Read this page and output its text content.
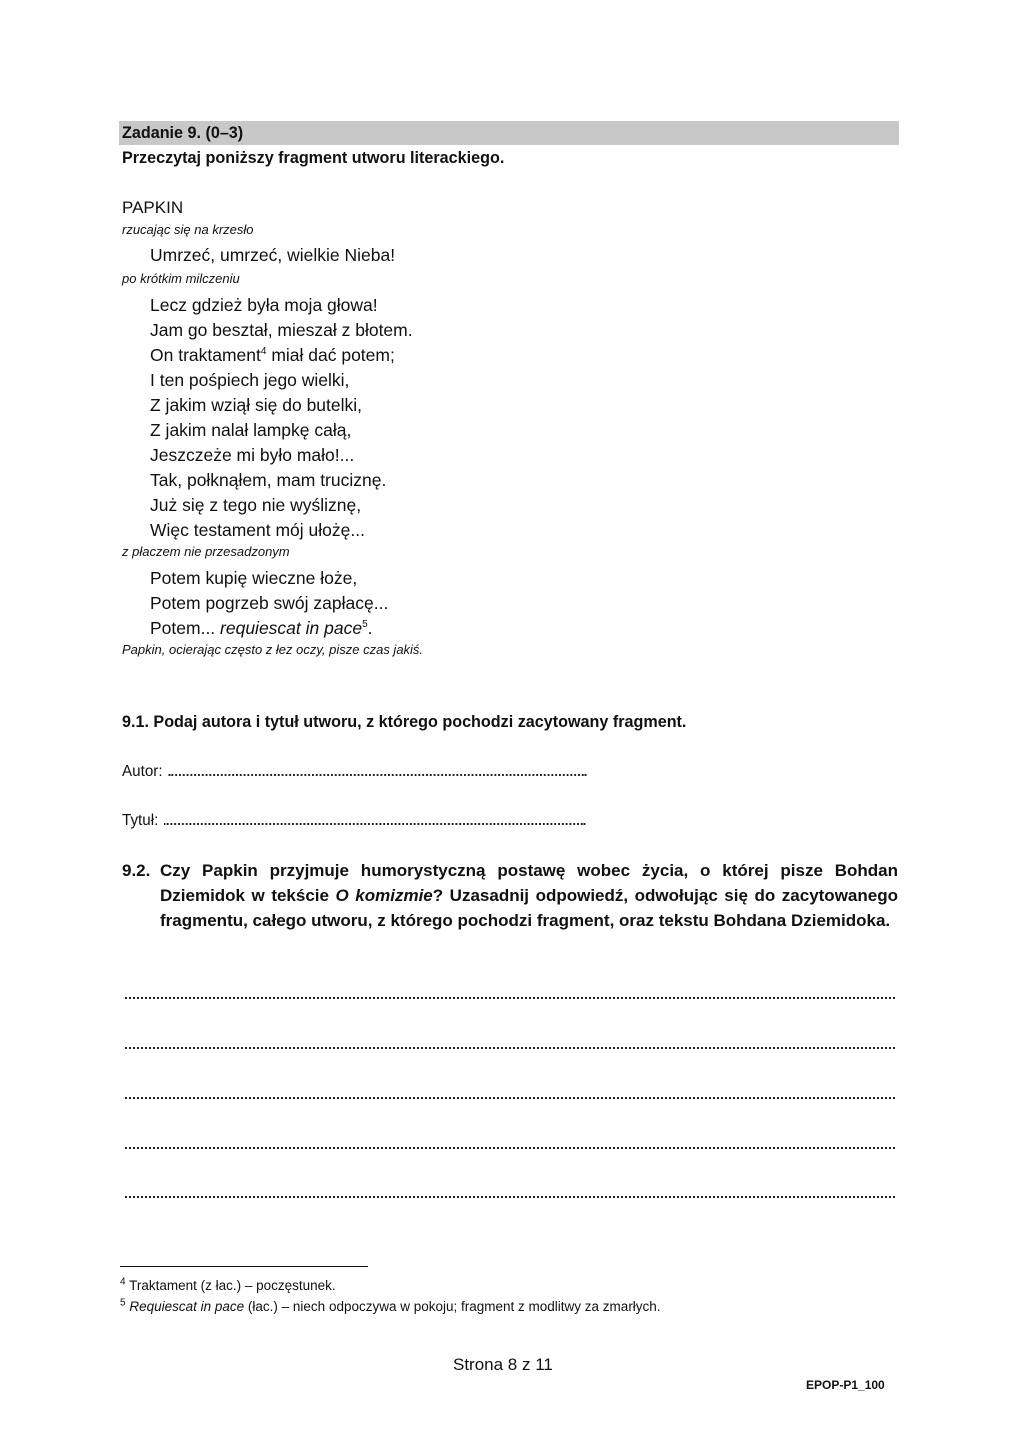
Zadanie 9. (0–3)
Przeczytaj poniższy fragment utworu literackiego.
PAPKIN
rzucając się na krzesło
Umrzeć, umrzeć, wielkie Nieba!
po krótkim milczeniu
Lecz gdzież była moja głowa!
Jam go beształ, mieszał z błotem.
On traktament$^4$ miał dać potem;
I ten pośpiech jego wielki,
Z jakim wziął się do butelki,
Z jakim nalał lampkę całą,
Jeszczeże mi było mało!...
Tak, połknąłem, mam truciznę.
Już się z tego nie wyśliznę,
Więc testament mój ułożę...
z płaczem nie przesadzonym
Potem kupię wieczne łoże,
Potem pogrzeb swój zapłacę...
Potem... requiescat in pace$^5$.
Papkin, ocierając często z łez oczy, pisze czas jakiś.
9.1. Podaj autora i tytuł utworu, z którego pochodzi zacytowany fragment.
Autor:
Tytuł:
9.2. Czy Papkin przyjmuje humorystyczną postawę wobec życia, o której pisze Bohdan Dziemidok w tekście O komizmie? Uzasadnij odpowiedź, odwołując się do zacytowanego fragmentu, całego utworu, z którego pochodzi fragment, oraz tekstu Bohdana Dziemidoka.
$^4$ Traktament (z łac.) – poczęstunek.
$^5$ Requiescat in pace (łac.) – niech odpoczywa w pokoju; fragment z modlitwy za zmarłych.
Strona 8 z 11
EPOP-P1_100
